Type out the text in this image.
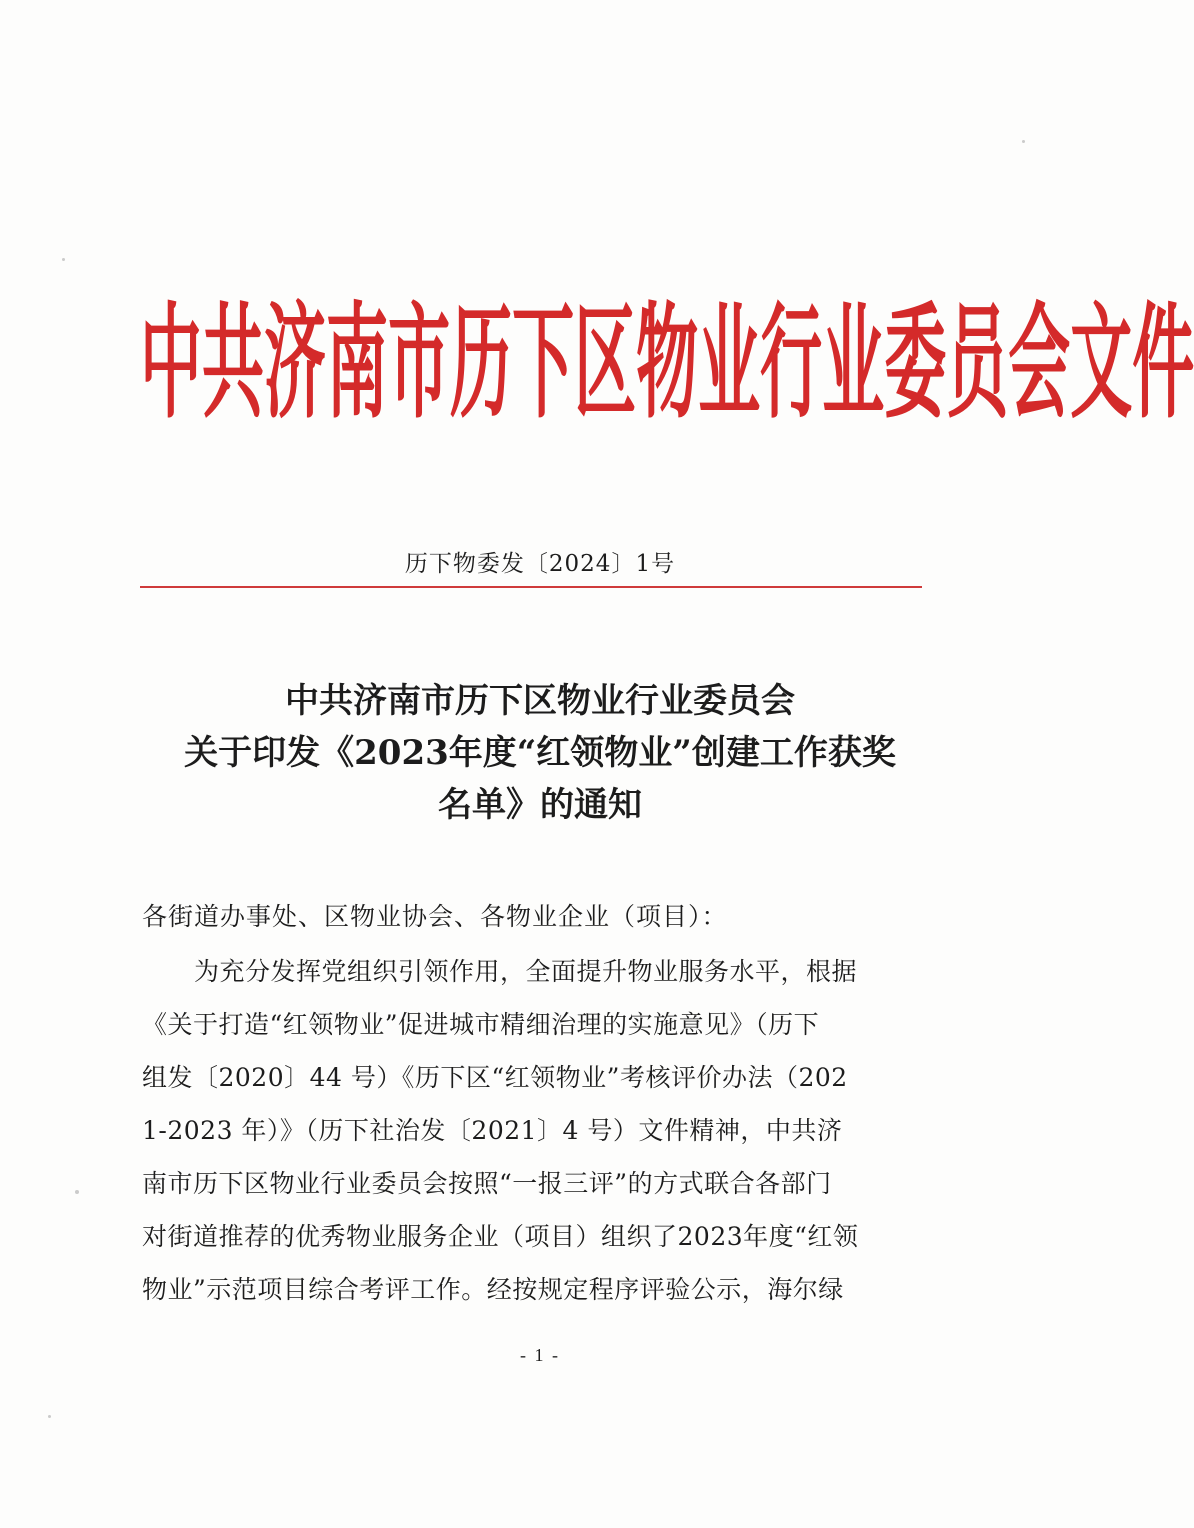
中 共 济 南 市 历 下 区 物 业 行 业 委 员 会 文 件
历下物委发〔2024〕1号
中共济南市历下区物业行业委员会
关于印发《2023年度“红领物业”创建工作获奖
名单》的通知
各街道办事处、区物业协会、各物业企业（项目）：
为充分发挥党组织引领作用，全面提升物业服务水平，根据
《关于打造“红领物业”促进城市精细治理的实施意见》（历下
组发〔2020〕44 号）《历下区“红领物业”考核评价办法（202
1-2023 年）》（历下社治发〔2021〕4 号）文件精神，中共济
南市历下区物业行业委员会按照“一报三评”的方式联合各部门
对街道推荐的优秀物业服务企业（项目）组织了2023年度“红领
物业”示范项目综合考评工作。经按规定程序评验公示，海尔绿
- 1 -
